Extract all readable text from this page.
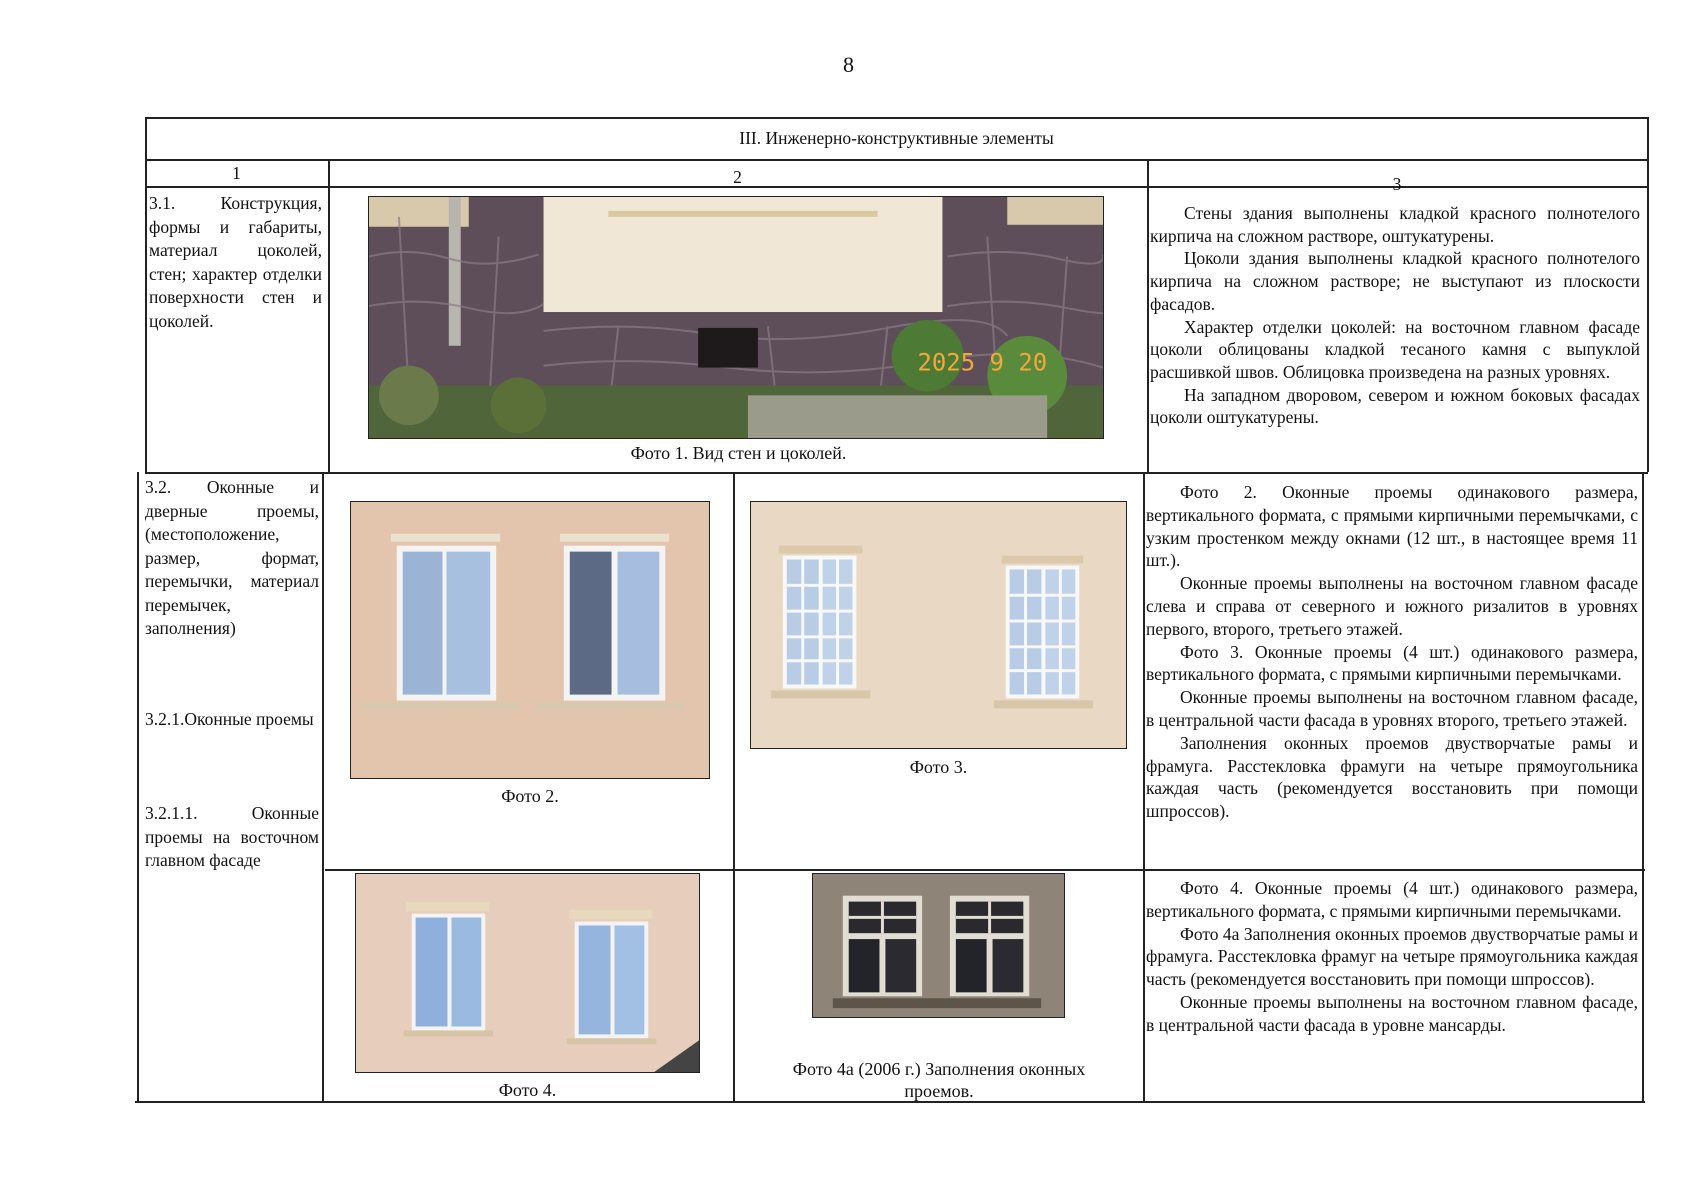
8
III. Инженерно-конструктивные элементы
1	2	3
3.1. Конструкция, формы и габариты, материал цоколей, стен; характер отделки поверхности стен и цоколей.
2025 9 20
Фото 1. Вид стен и цоколей.

Стены здания выполнены кладкой красного полнотелого кирпича на сложном растворе, оштукатурены.

Цоколи здания выполнены кладкой красного полнотелого кирпича на сложном растворе; не выступают из плоскости фасадов.

Характер отделки цоколей: на восточном главном фасаде цоколи облицованы кладкой тесаного камня с выпуклой расшивкой швов. Облицовка произведена на разных уровнях.

На западном дворовом, севером и южном боковых фасадах цоколи оштукатурены.

3.2. Оконные и дверные проемы, (местоположение, размер, формат, перемычки, материал перемычек, заполнения)
3.2.1.Оконные проемы
3.2.1.1. Оконные проемы на восточном главном фасаде
Фото 2.
Фото 3.

Фото 2. Оконные проемы одинакового размера, вертикального формата, с прямыми кирпичными перемычками, с узким простенком между окнами (12 шт., в настоящее время 11 шт.).

Оконные проемы выполнены на восточном главном фасаде слева и справа от северного и южного ризалитов в уровнях первого, второго, третьего этажей.

Фото 3. Оконные проемы (4 шт.) одинакового размера, вертикального формата, с прямыми кирпичными перемычками.

Оконные проемы выполнены на восточном главном фасаде, в центральной части фасада в уровнях второго, третьего этажей.

Заполнения оконных проемов двустворчатые рамы и фрамуга. Расстекловка фрамуги на четыре прямоугольника каждая часть (рекомендуется восстановить при помощи шпроссов).

Фото 4.
Фото 4а (2006 г.) Заполнения оконных проемов.

Фото 4. Оконные проемы (4 шт.) одинакового размера, вертикального формата, с прямыми кирпичными перемычками.

Фото 4а Заполнения оконных проемов двустворчатые рамы и фрамуга. Расстекловка фрамуг на четыре прямоугольника каждая часть (рекомендуется восстановить при помощи шпроссов).

Оконные проемы выполнены на восточном главном фасаде, в центральной части фасада в уровне мансарды.
